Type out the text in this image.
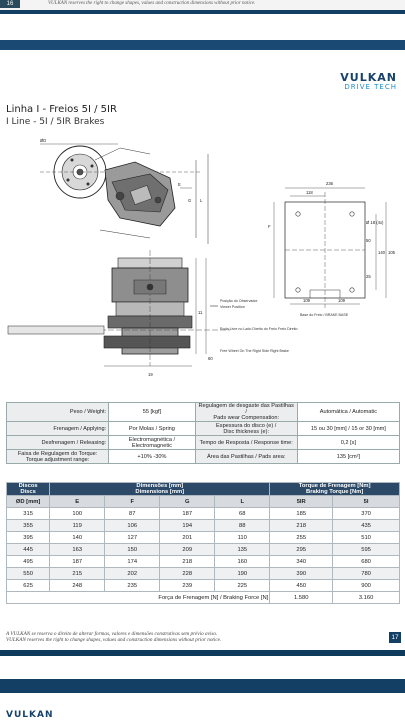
16	VULKAN reserves the right to change shapes, values and construction dimensions without prior notice.
VULKAN
DRIVE TECH
Linha I - Freios 5I / 5IR
I Line - 5I / 5IR Brakes
ØD
236
118
Ø 18 (4x)
109	109
140 105
50
25
F
G L
E
19
11
60
Posição do Observador
Viewer Position
Roda Livre no Lado Direito do Freio Freio Direito
Free Wheel On The Right Side Right Brake
Base do Freio / BRAKE BASE
Peso / Weight:	55 [kgf]	Regulagem de desgaste das Pastilhas /
Pads wear Compensation:	Automática / Automatic
Frenagem / Applying:	Por Molas / Spring	Espessura do disco (e) /
Disc thickness (e):	15 ou 30 [mm] / 15 or 30 [mm]
Desfrenagem / Releasing:	Electromagnética / Electromagnetic	Tempo de Resposta / Response time:	0,2 [s]
Faixa de Regulagem do Torque:
Torque adjustment range:	+10% -30%	Área das Pastilhas / Pads area:	135 [cm²]
Discos
Discs	Dimensões [mm]
Dimensions [mm]				Torque de Frenagem [Nm]
Braking Torque [Nm]	
ØD [mm]	E	F	G	L	5IR	5I
315	100	87	187	68	185	370
355	119	106	194	88	218	435
395	140	127	201	110	255	510
445	163	150	209	135	295	595
495	187	174	218	160	340	680
550	215	202	228	190	390	780
625	248	235	239	225	450	900
Força de Frenagem [N] / Braking Force [N]					1.580	3.160
A VULKAN se reserva o direito de alterar formas, valores e dimensões construtivas sem prévio aviso.
VULKAN reserves the right to change shapes, values and construction dimensions without prior notice.	17
VULKAN
